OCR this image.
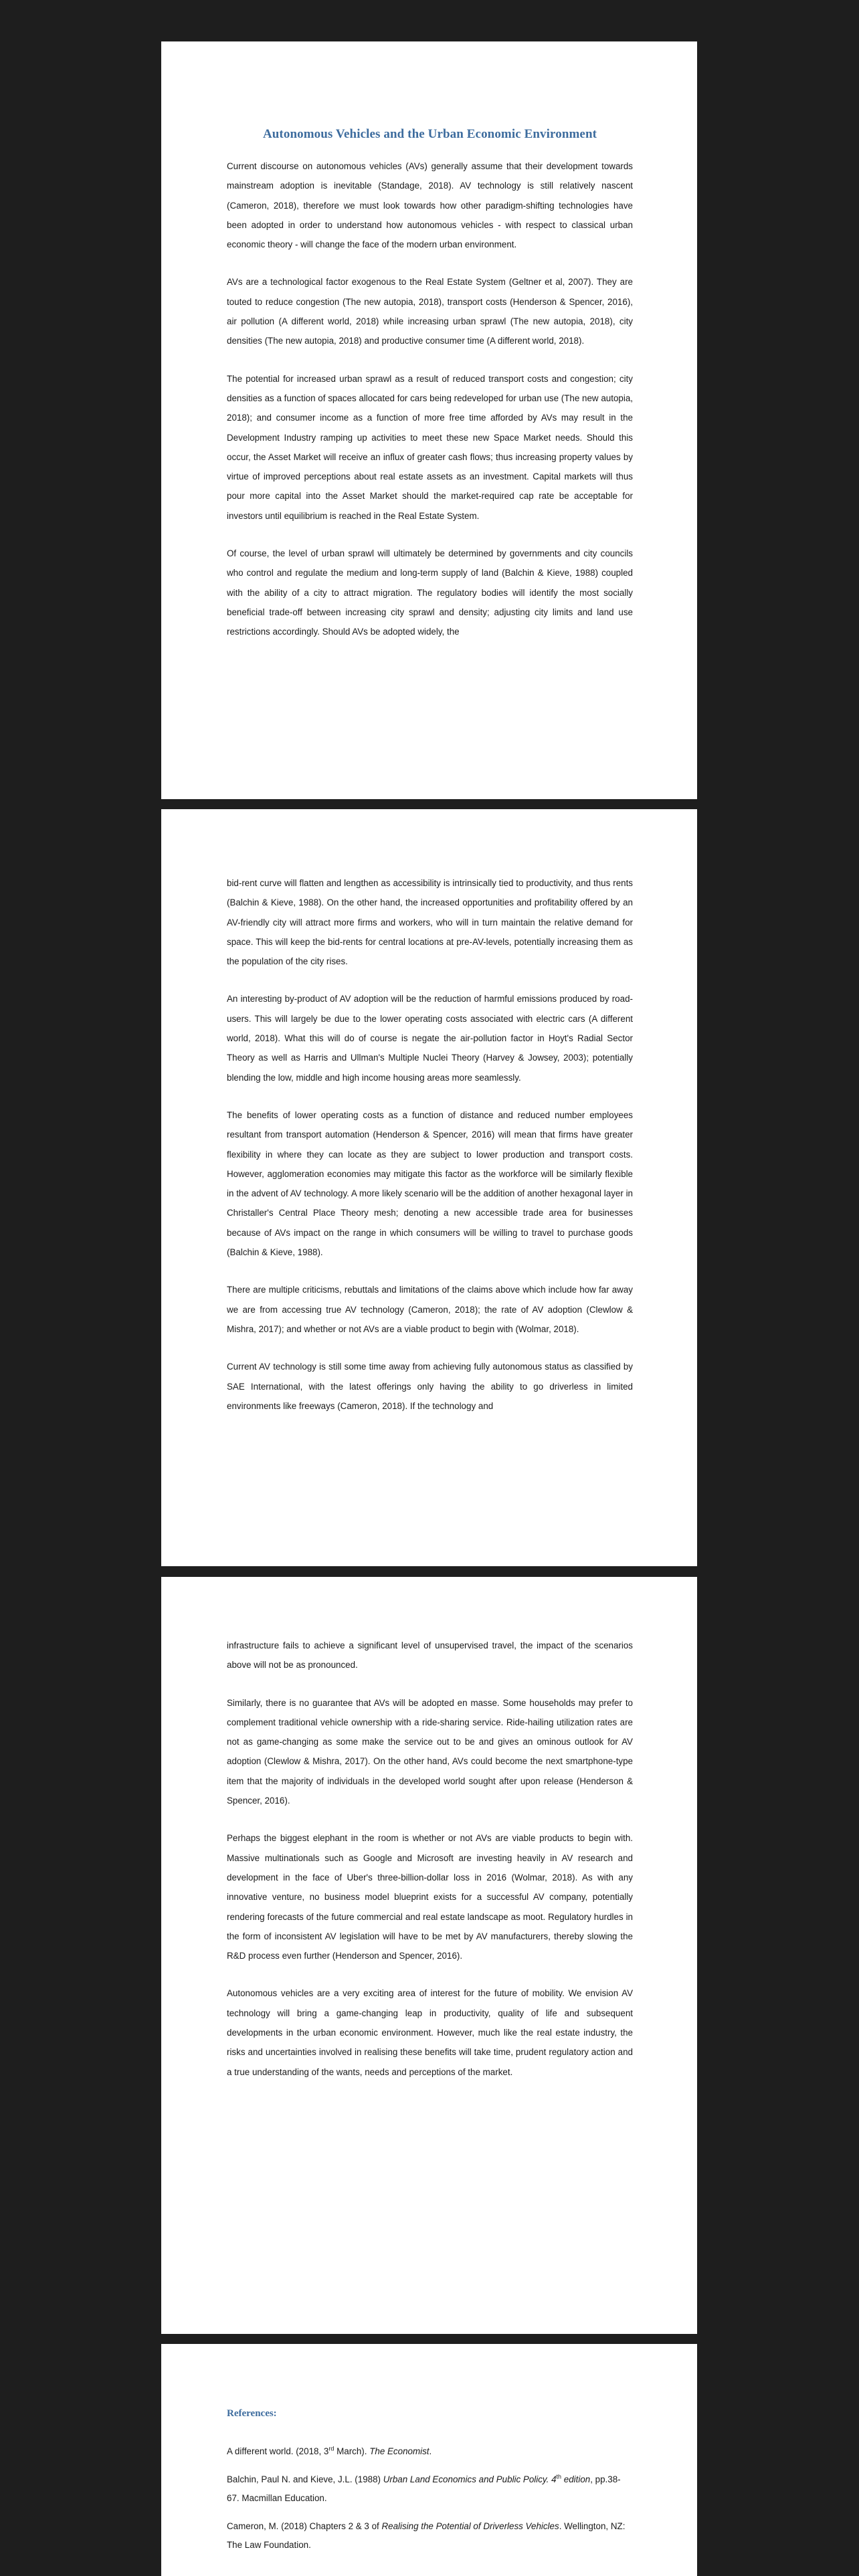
Autonomous Vehicles and the Urban Economic Environment

Current discourse on autonomous vehicles (AVs) generally assume that their development towards mainstream adoption is inevitable (Standage, 2018). AV technology is still relatively nascent (Cameron, 2018), therefore we must look towards how other paradigm-shifting technologies have been adopted in order to understand how autonomous vehicles - with respect to classical urban economic theory - will change the face of the modern urban environment.

AVs are a technological factor exogenous to the Real Estate System (Geltner et al, 2007). They are touted to reduce congestion (The new autopia, 2018), transport costs (Henderson & Spencer, 2016), air pollution (A different world, 2018) while increasing urban sprawl (The new autopia, 2018), city densities (The new autopia, 2018) and productive consumer time (A different world, 2018).

The potential for increased urban sprawl as a result of reduced transport costs and congestion; city densities as a function of spaces allocated for cars being redeveloped for urban use (The new autopia, 2018); and consumer income as a function of more free time afforded by AVs may result in the Development Industry ramping up activities to meet these new Space Market needs. Should this occur, the Asset Market will receive an influx of greater cash flows; thus increasing property values by virtue of improved perceptions about real estate assets as an investment. Capital markets will thus pour more capital into the Asset Market should the market-required cap rate be acceptable for investors until equilibrium is reached in the Real Estate System.

Of course, the level of urban sprawl will ultimately be determined by governments and city councils who control and regulate the medium and long-term supply of land (Balchin & Kieve, 1988) coupled with the ability of a city to attract migration. The regulatory bodies will identify the most socially beneficial trade-off between increasing city sprawl and density; adjusting city limits and land use restrictions accordingly. Should AVs be adopted widely, the

bid-rent curve will flatten and lengthen as accessibility is intrinsically tied to productivity, and thus rents (Balchin & Kieve, 1988). On the other hand, the increased opportunities and profitability offered by an AV-friendly city will attract more firms and workers, who will in turn maintain the relative demand for space. This will keep the bid-rents for central locations at pre-AV-levels, potentially increasing them as the population of the city rises.

An interesting by-product of AV adoption will be the reduction of harmful emissions produced by road-users. This will largely be due to the lower operating costs associated with electric cars (A different world, 2018). What this will do of course is negate the air-pollution factor in Hoyt's Radial Sector Theory as well as Harris and Ullman's Multiple Nuclei Theory (Harvey & Jowsey, 2003); potentially blending the low, middle and high income housing areas more seamlessly.

The benefits of lower operating costs as a function of distance and reduced number employees resultant from transport automation (Henderson & Spencer, 2016) will mean that firms have greater flexibility in where they can locate as they are subject to lower production and transport costs. However, agglomeration economies may mitigate this factor as the workforce will be similarly flexible in the advent of AV technology. A more likely scenario will be the addition of another hexagonal layer in Christaller's Central Place Theory mesh; denoting a new accessible trade area for businesses because of AVs impact on the range in which consumers will be willing to travel to purchase goods (Balchin & Kieve, 1988).

There are multiple criticisms, rebuttals and limitations of the claims above which include how far away we are from accessing true AV technology (Cameron, 2018); the rate of AV adoption (Clewlow & Mishra, 2017); and whether or not AVs are a viable product to begin with (Wolmar, 2018).

Current AV technology is still some time away from achieving fully autonomous status as classified by SAE International, with the latest offerings only having the ability to go driverless in limited environments like freeways (Cameron, 2018). If the technology and

infrastructure fails to achieve a significant level of unsupervised travel, the impact of the scenarios above will not be as pronounced.

Similarly, there is no guarantee that AVs will be adopted en masse. Some households may prefer to complement traditional vehicle ownership with a ride-sharing service. Ride-hailing utilization rates are not as game-changing as some make the service out to be and gives an ominous outlook for AV adoption (Clewlow & Mishra, 2017). On the other hand, AVs could become the next smartphone-type item that the majority of individuals in the developed world sought after upon release (Henderson & Spencer, 2016).

Perhaps the biggest elephant in the room is whether or not AVs are viable products to begin with. Massive multinationals such as Google and Microsoft are investing heavily in AV research and development in the face of Uber's three-billion-dollar loss in 2016 (Wolmar, 2018). As with any innovative venture, no business model blueprint exists for a successful AV company, potentially rendering forecasts of the future commercial and real estate landscape as moot. Regulatory hurdles in the form of inconsistent AV legislation will have to be met by AV manufacturers, thereby slowing the R&D process even further (Henderson and Spencer, 2016).

Autonomous vehicles are a very exciting area of interest for the future of mobility. We envision AV technology will bring a game-changing leap in productivity, quality of life and subsequent developments in the urban economic environment. However, much like the real estate industry, the risks and uncertainties involved in realising these benefits will take time, prudent regulatory action and a true understanding of the wants, needs and perceptions of the market.

References:

A different world. (2018, 3rd March). The Economist.

Balchin, Paul N. and Kieve, J.L. (1988) Urban Land Economics and Public Policy. 4th edition, pp.38-67. Macmillan Education.

Cameron, M. (2018) Chapters 2 & 3 of Realising the Potential of Driverless Vehicles. Wellington, NZ: The Law Foundation.
